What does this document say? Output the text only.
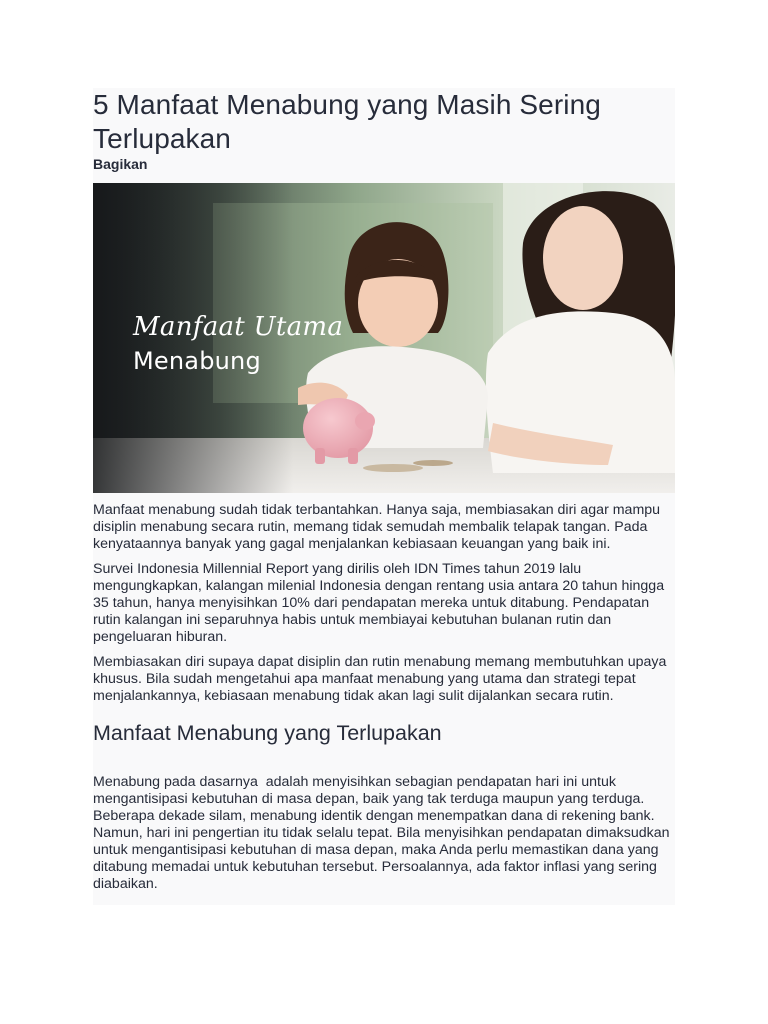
5 Manfaat Menabung yang Masih Sering Terlupakan

Bagikan

Manfaat Utama
Menabung

Manfaat menabung sudah tidak terbantahkan. Hanya saja, membiasakan diri agar mampu disiplin menabung secara rutin, memang tidak semudah membalik telapak tangan. Pada kenyataannya banyak yang gagal menjalankan kebiasaan keuangan yang baik ini.

Survei Indonesia Millennial Report yang dirilis oleh IDN Times tahun 2019 lalu mengungkapkan, kalangan milenial Indonesia dengan rentang usia antara 20 tahun hingga 35 tahun, hanya menyisihkan 10% dari pendapatan mereka untuk ditabung. Pendapatan rutin kalangan ini separuhnya habis untuk membiayai kebutuhan bulanan rutin dan pengeluaran hiburan.

Membiasakan diri supaya dapat disiplin dan rutin menabung memang membutuhkan upaya khusus. Bila sudah mengetahui apa manfaat menabung yang utama dan strategi tepat menjalankannya, kebiasaan menabung tidak akan lagi sulit dijalankan secara rutin.

Manfaat Menabung yang Terlupakan

Menabung pada dasarnya  adalah menyisihkan sebagian pendapatan hari ini untuk mengantisipasi kebutuhan di masa depan, baik yang tak terduga maupun yang terduga. Beberapa dekade silam, menabung identik dengan menempatkan dana di rekening bank. Namun, hari ini pengertian itu tidak selalu tepat. Bila menyisihkan pendapatan dimaksudkan untuk mengantisipasi kebutuhan di masa depan, maka Anda perlu memastikan dana yang ditabung memadai untuk kebutuhan tersebut. Persoalannya, ada faktor inflasi yang sering diabaikan.
